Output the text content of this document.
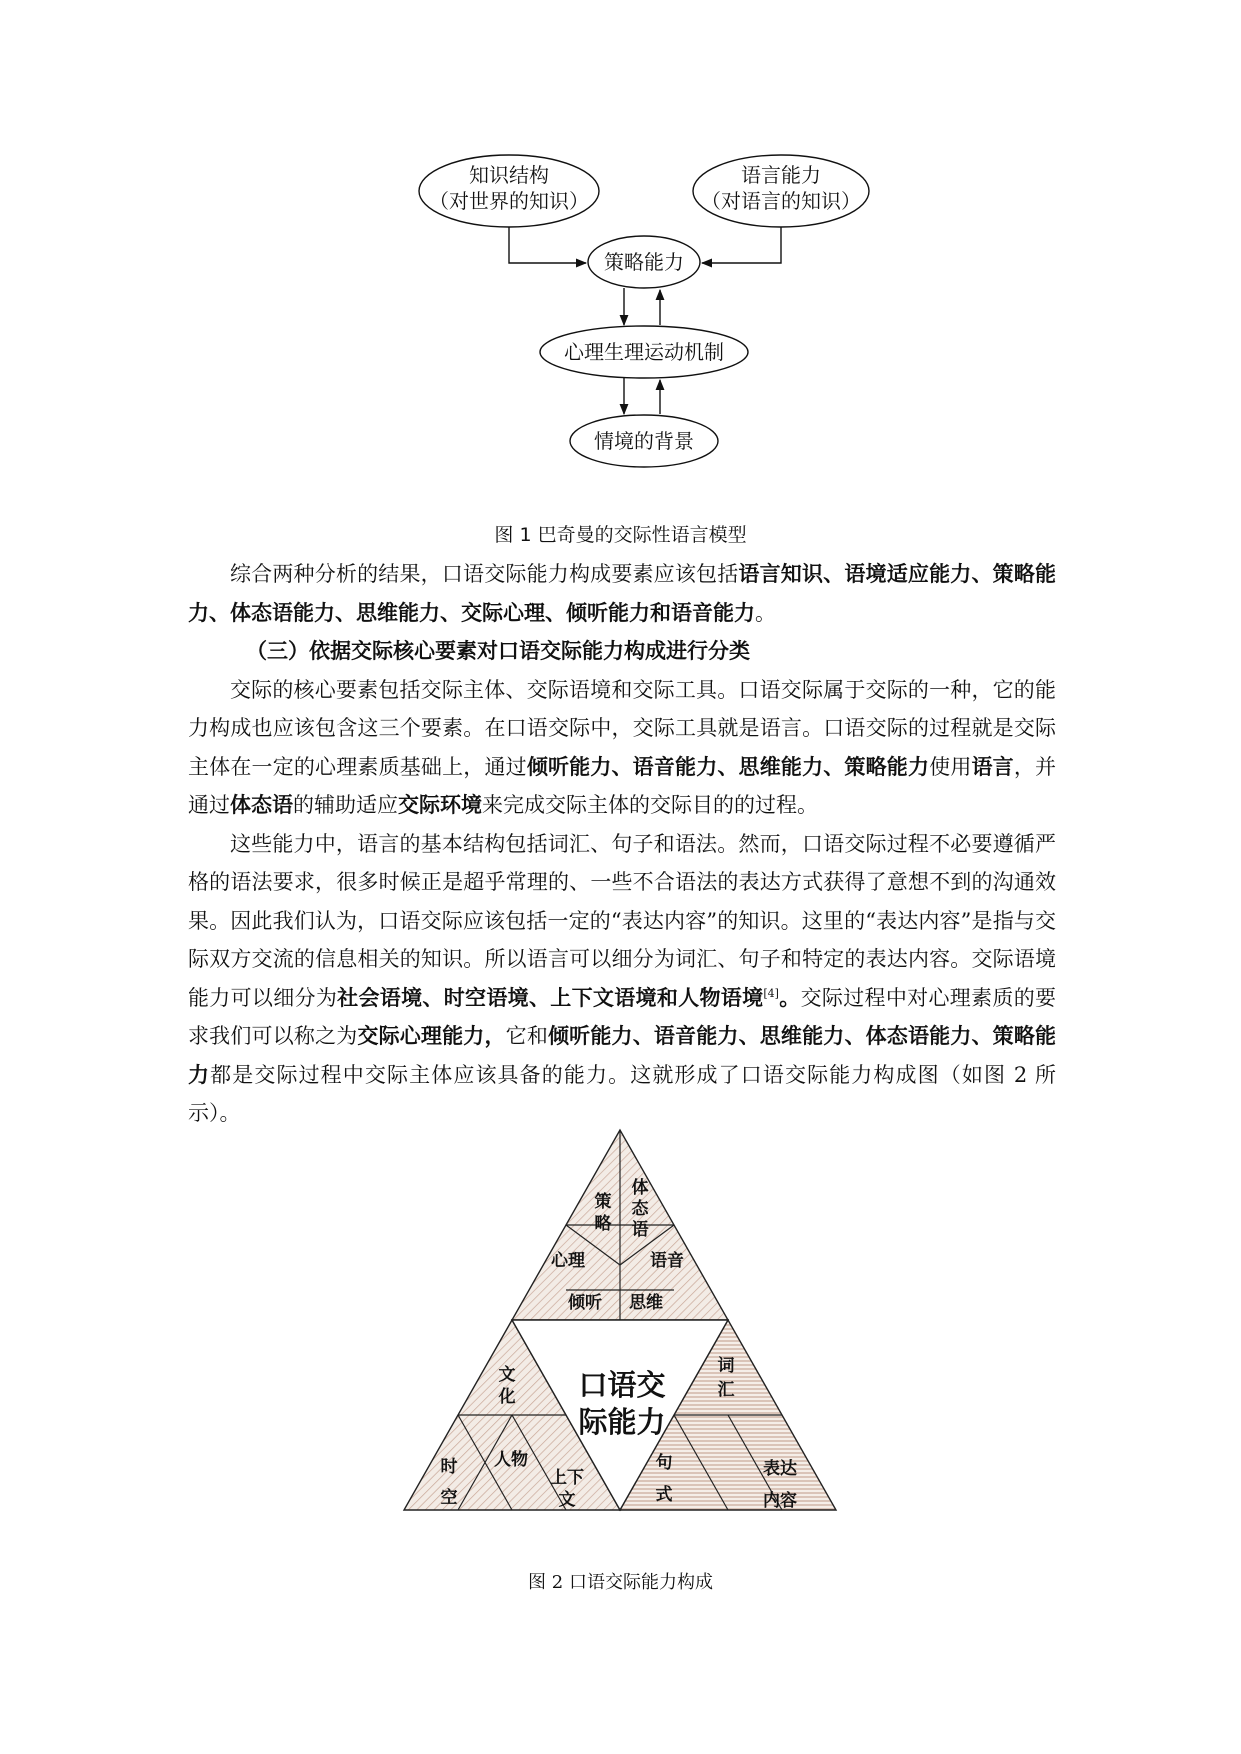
知识结构
（对世界的知识）
语言能力
（对语言的知识）
策略能力
心理生理运动机制
情境的背景
图 1 巴奇曼的交际性语言模型

综合两种分析的结果，口语交际能力构成要素应该包括语言知识、语境适应能力、策略能力、体态语能力、思维能力、交际心理、倾听能力和语音能力。

（三）依据交际核心要素对口语交际能力构成进行分类

交际的核心要素包括交际主体、交际语境和交际工具。口语交际属于交际的一种，它的能力构成也应该包含这三个要素。在口语交际中，交际工具就是语言。口语交际的过程就是交际主体在一定的心理素质基础上，通过倾听能力、语音能力、思维能力、策略能力使用语言，并通过体态语的辅助适应交际环境来完成交际主体的交际目的的过程。

这些能力中，语言的基本结构包括词汇、句子和语法。然而，口语交际过程不必要遵循严格的语法要求，很多时候正是超乎常理的、一些不合语法的表达方式获得了意想不到的沟通效果。因此我们认为，口语交际应该包括一定的“表达内容”的知识。这里的“表达内容”是指与交际双方交流的信息相关的知识。所以语言可以细分为词汇、句子和特定的表达内容。交际语境能力可以细分为社会语境、时空语境、上下文语境和人物语境[4]。交际过程中对心理素质的要求我们可以称之为交际心理能力，它和倾听能力、语音能力、思维能力、体态语能力、策略能力都是交际过程中交际主体应该具备的能力。这就形成了口语交际能力构成图（如图 2 所示）。

策
略
体
态
语
心理	语音
倾听 思维
文
化
词
汇
时
空
人物
上下
文
句
式
表达
内容
口语交
际能力
图 2 口语交际能力构成
